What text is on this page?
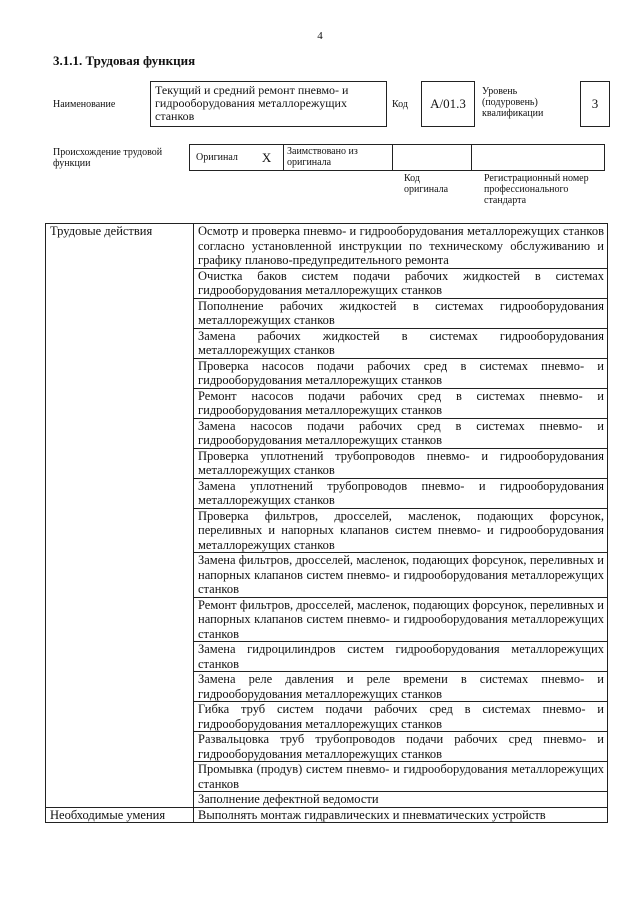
4
3.1.1. Трудовая функция
Наименование
Текущий и средний ремонт пневмо- и гидрооборудования металлорежущих станков
Код	A/01.3
Уровень (подуровень) квалификации
3
Происхождение трудовой функции
Оригинал X	Заимствовано из оригинала
Код оригинала
Регистрационный номер профессионального стандарта
Трудовые действия	Осмотр и проверка пневмо- и гидрооборудования металлорежущих станков согласно установленной инструкции по техническому обслуживанию и графику планово-предупредительного ремонта
	Очистка баков систем подачи рабочих жидкостей в системах гидрооборудования металлорежущих станков
	Пополнение рабочих жидкостей в системах гидрооборудования металлорежущих станков
	Замена рабочих жидкостей в системах гидрооборудования металлорежущих станков
	Проверка насосов подачи рабочих сред в системах пневмо- и гидрооборудования металлорежущих станков
	Ремонт насосов подачи рабочих сред в системах пневмо- и гидрооборудования металлорежущих станков
	Замена насосов подачи рабочих сред в системах пневмо- и гидрооборудования металлорежущих станков
	Проверка уплотнений трубопроводов пневмо- и гидрооборудования металлорежущих станков
	Замена уплотнений трубопроводов пневмо- и гидрооборудования металлорежущих станков
	Проверка фильтров, дросселей, масленок, подающих форсунок, переливных и напорных клапанов систем пневмо- и гидрооборудования металлорежущих станков
	Замена фильтров, дросселей, масленок, подающих форсунок, переливных и напорных клапанов систем пневмо- и гидрооборудования металлорежущих станков
	Ремонт фильтров, дросселей, масленок, подающих форсунок, переливных и напорных клапанов систем пневмо- и гидрооборудования металлорежущих станков
	Замена гидроцилиндров систем гидрооборудования металлорежущих станков
	Замена реле давления и реле времени в системах пневмо- и гидрооборудования металлорежущих станков
	Гибка труб систем подачи рабочих сред в системах пневмо- и гидрооборудования металлорежущих станков
	Развальцовка труб трубопроводов подачи рабочих сред пневмо- и гидрооборудования металлорежущих станков
	Промывка (продув) систем пневмо- и гидрооборудования металлорежущих станков
	Заполнение дефектной ведомости
Необходимые умения	Выполнять монтаж гидравлических и пневматических устройств
